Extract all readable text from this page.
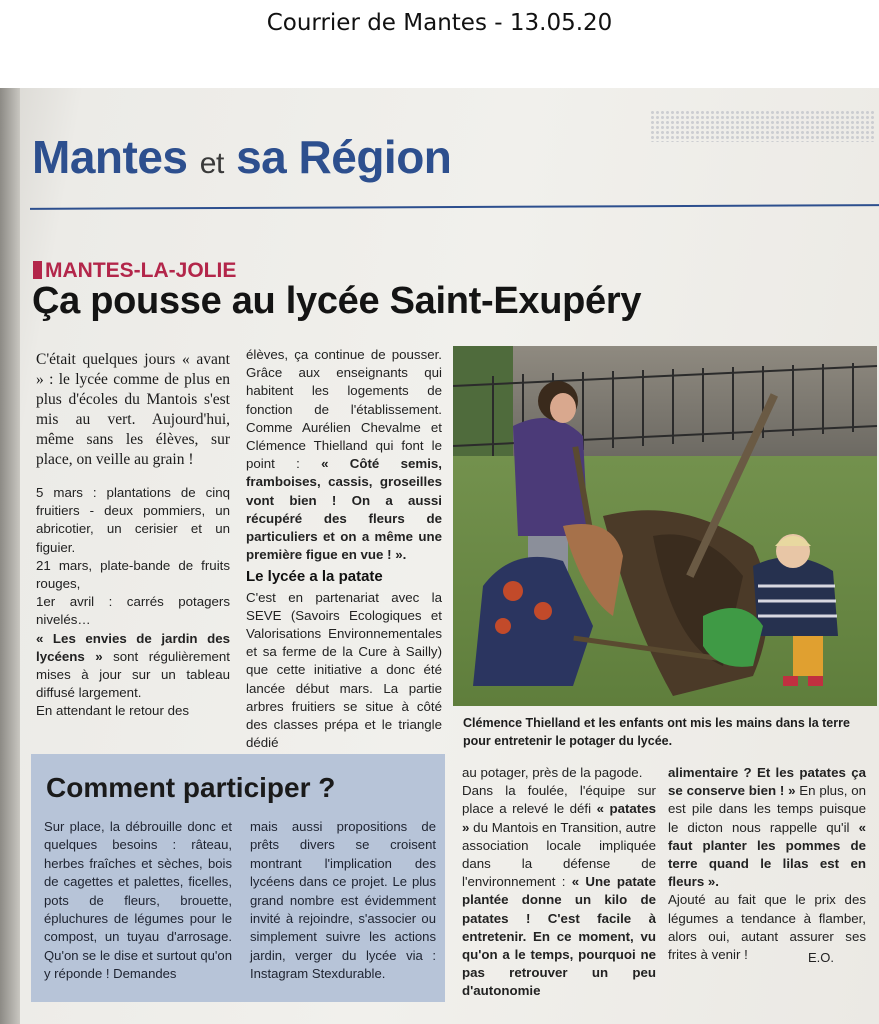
Courrier de Mantes - 13.05.20
Mantes et sa Région
MANTES-LA-JOLIE
Ça pousse au lycée Saint-Exupéry

C'était quelques jours « avant » : le lycée comme de plus en plus d'écoles du Mantois s'est mis au vert. Aujourd'hui, même sans les élèves, sur place, on veille au grain !

5 mars : plantations de cinq fruitiers - deux pommiers, un abricotier, un cerisier et un figuier.

21 mars, plate-bande de fruits rouges,

1er avril : carrés potagers nivelés…

« Les envies de jardin des lycéens » sont régulièrement mises à jour sur un tableau diffusé largement.

En attendant le retour des

élèves, ça continue de pousser. Grâce aux enseignants qui habitent les logements de fonction de l'établissement. Comme Aurélien Chevalme et Clémence Thielland qui font le point : « Côté semis, framboises, cassis, groseilles vont bien ! On a aussi récupéré des fleurs de particuliers et on a même une première figue en vue ! ».

Le lycée a la patate

C'est en partenariat avec la SEVE (Savoirs Ecologiques et Valorisations Environnementales et sa ferme de la Cure à Sailly) que cette initiative a donc été lancée début mars. La partie arbres fruitiers se situe à côté des classes prépa et le triangle dédié

Clémence Thielland et les enfants ont mis les mains dans la terre pour entretenir le potager du lycée.
Comment participer ?
Sur place, la débrouille donc et quelques besoins : râteau, herbes fraîches et sèches, bois de cagettes et palettes, ficelles, pots de fleurs, brouette, épluchures de légumes pour le compost, un tuyau d'arrosage. Qu'on se le dise et surtout qu'on y réponde ! Demandes
mais aussi propositions de prêts divers se croisent montrant l'implication des lycéens dans ce projet. Le plus grand nombre est évidemment invité à rejoindre, s'associer ou simplement suivre les actions jardin, verger du lycée via : Instagram Stexdurable.

au potager, près de la pagode.

Dans la foulée, l'équipe sur place a relevé le défi « patates » du Mantois en Transition, autre association locale impliquée dans la défense de l'environnement : « Une patate plantée donne un kilo de patates ! C'est facile à entretenir. En ce moment, vu qu'on a le temps, pourquoi ne pas retrouver un peu d'autonomie

alimentaire ? Et les patates ça se conserve bien ! » En plus, on est pile dans les temps puisque le dicton nous rappelle qu'il « faut planter les pommes de terre quand le lilas est en fleurs ».

Ajouté au fait que le prix des légumes a tendance à flamber, alors oui, autant assurer ses frites à venir !	E.O.
